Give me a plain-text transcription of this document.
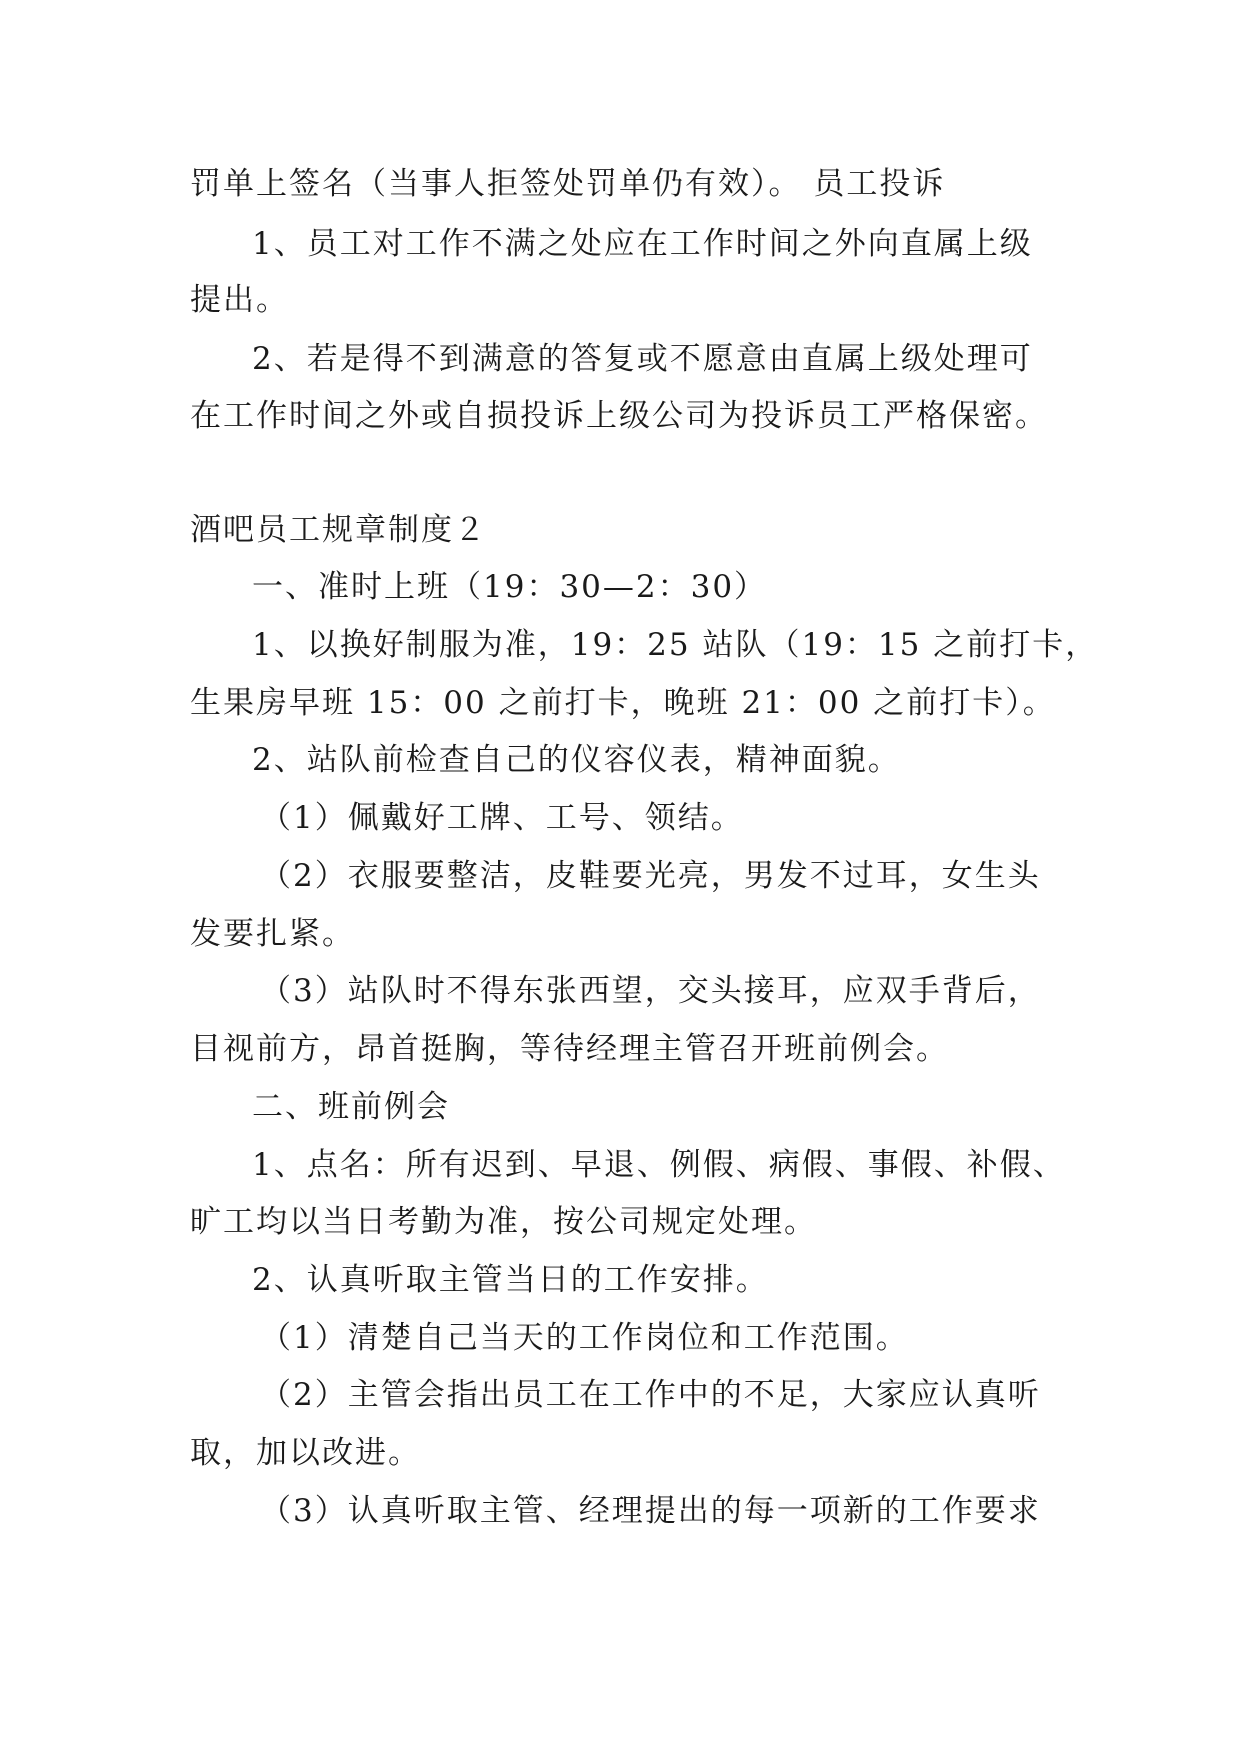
罚单上签名（当事人拒签处罚单仍有效）。 员工投诉
1、员工对工作不满之处应在工作时间之外向直属上级
提出。
2、若是得不到满意的答复或不愿意由直属上级处理可
在工作时间之外或自损投诉上级公司为投诉员工严格保密。
酒吧员工规章制度２
一、准时上班（19：30—2：30）
1、以换好制服为准，19：25 站队（19：15 之前打卡，
生果房早班 15：00 之前打卡，晚班 21：00 之前打卡）。
2、站队前检查自己的仪容仪表，精神面貌。
（1）佩戴好工牌、工号、领结。
（2）衣服要整洁，皮鞋要光亮，男发不过耳，女生头
发要扎紧。
（3）站队时不得东张西望，交头接耳，应双手背后，
目视前方，昂首挺胸，等待经理主管召开班前例会。
二、班前例会
1、点名：所有迟到、早退、例假、病假、事假、补假、
旷工均以当日考勤为准，按公司规定处理。
2、认真听取主管当日的工作安排。
（1）清楚自己当天的工作岗位和工作范围。
（2）主管会指出员工在工作中的不足，大家应认真听
取，加以改进。
（3）认真听取主管、经理提出的每一项新的工作要求
